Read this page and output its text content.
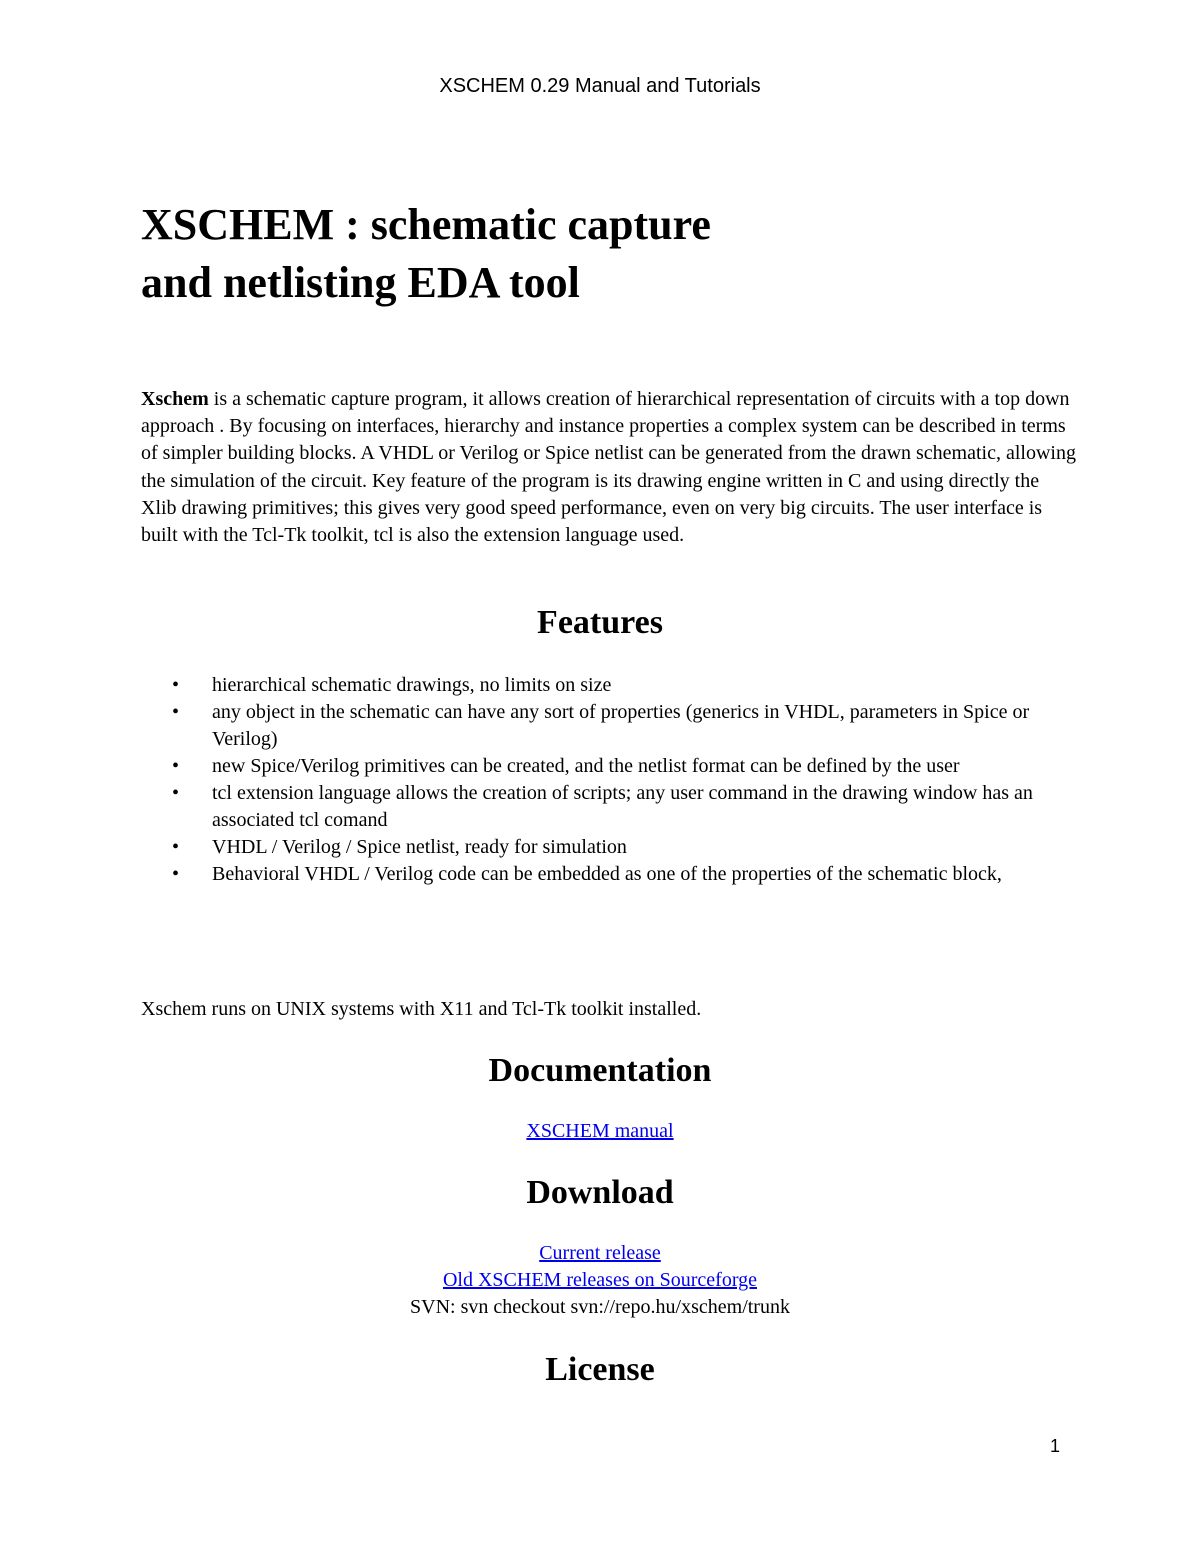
XSCHEM 0.29 Manual and Tutorials
XSCHEM : schematic capture
and netlisting EDA tool

Xschem is a schematic capture program, it allows creation of hierarchical representation of circuits with a top down approach . By focusing on interfaces, hierarchy and instance properties a complex system can be described in terms of simpler building blocks. A VHDL or Verilog or Spice netlist can be generated from the drawn schematic, allowing the simulation of the circuit. Key feature of the program is its drawing engine written in C and using directly the Xlib drawing primitives; this gives very good speed performance, even on very big circuits. The user interface is built with the Tcl-Tk toolkit, tcl is also the extension language used.

Features
• hierarchical schematic drawings, no limits on size
• any object in the schematic can have any sort of properties (generics in VHDL, parameters in Spice or Verilog)
• new Spice/Verilog primitives can be created, and the netlist format can be defined by the user
• tcl extension language allows the creation of scripts; any user command in the drawing window has an associated tcl comand
• VHDL / Verilog / Spice netlist, ready for simulation
• Behavioral VHDL / Verilog code can be embedded as one of the properties of the schematic block,

Xschem runs on UNIX systems with X11 and Tcl-Tk toolkit installed.

Documentation
XSCHEM manual
Download
Current release
Old XSCHEM releases on Sourceforge
SVN: svn checkout svn://repo.hu/xschem/trunk
License
1
